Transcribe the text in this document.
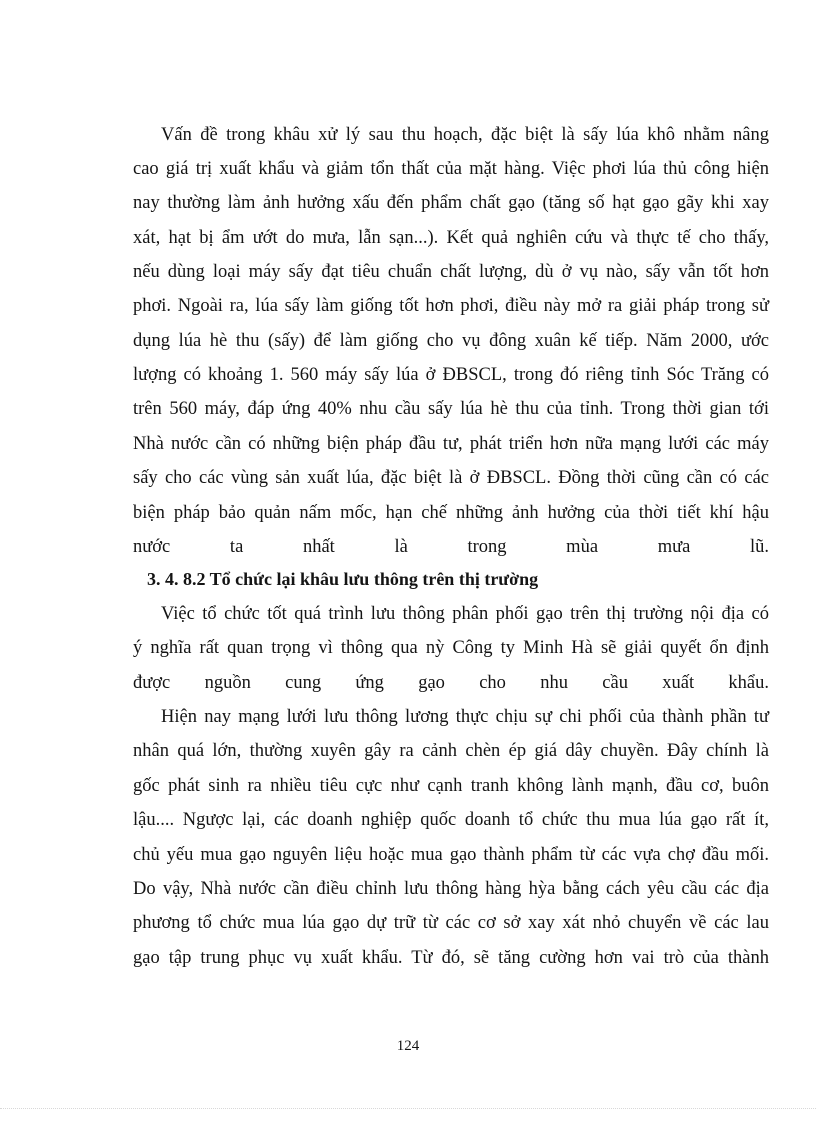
Vấn đề trong khâu xử lý sau thu hoạch, đặc biệt là sấy lúa khô nhằm nâng
cao giá trị xuất khẩu và giảm tổn thất của mặt hàng. Việc phơi lúa thủ công hiện
nay thường làm ảnh hưởng xấu đến phẩm chất gạo (tăng số hạt gạo gãy khi xay
xát, hạt bị ẩm ướt do mưa, lẫn sạn...). Kết quả nghiên cứu và thực tế cho thấy,
nếu dùng loại máy sấy đạt tiêu chuẩn chất lượng, dù ở vụ nào, sấy vẫn tốt hơn
phơi. Ngoài ra, lúa sấy làm giống tốt hơn phơi, điều này mở ra giải pháp trong sử
dụng lúa hè thu (sấy) để làm giống cho vụ đông xuân kế tiếp. Năm 2000, ước
lượng có khoảng 1. 560 máy sấy lúa ở ĐBSCL, trong đó riêng tỉnh Sóc Trăng có
trên 560 máy, đáp ứng 40% nhu cầu sấy lúa hè thu của tỉnh. Trong thời gian tới
Nhà nước cần có những biện pháp đầu tư, phát triển hơn nữa mạng lưới các máy
sấy cho các vùng sản xuất lúa, đặc biệt là ở ĐBSCL. Đồng thời cũng cần có các
biện pháp bảo quản nấm mốc, hạn chế những ảnh hưởng của thời tiết khí hậu
nước ta nhất là trong mùa mưa lũ.
3. 4. 8.2 Tổ chức lại khâu lưu thông trên thị trường
Việc tổ chức tốt quá trình lưu thông phân phối gạo trên thị trường nội địa có
ý nghĩa rất quan trọng vì thông qua nỳ Công ty Minh Hà sẽ giải quyết ổn định
được nguồn cung ứng gạo cho nhu cầu xuất khẩu.
Hiện nay mạng lưới lưu thông lương thực chịu sự chi phối của thành phần tư
nhân quá lớn, thường xuyên gây ra cảnh chèn ép giá dây chuyền. Đây chính là
gốc phát sinh ra nhiều tiêu cực như cạnh tranh không lành mạnh, đầu cơ, buôn
lậu.... Ngược lại, các doanh nghiệp quốc doanh tổ chức thu mua lúa gạo rất ít,
chủ yếu mua gạo nguyên liệu hoặc mua gạo thành phẩm từ các vựa chợ đầu mối.
Do vậy, Nhà nước cần điều chỉnh lưu thông hàng hỳa bằng cách yêu cầu các địa
phương tổ chức mua lúa gạo dự trữ từ các cơ sở xay xát nhỏ chuyển về các lau
gạo tập trung phục vụ xuất khẩu. Từ đó, sẽ tăng cường hơn vai trò của thành
124
